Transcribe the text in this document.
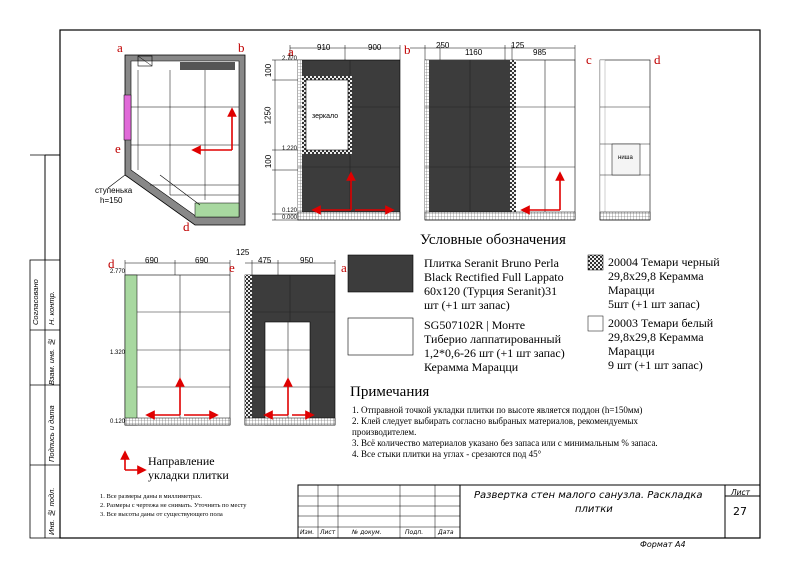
a	b
e
d
a	b
c	d
d	e	a
ступенька
h=150
910	900
100
1250
100
2.770
1.220
0.120
0.000
зеркало
250
1160
125
985
ниша
690	690
2.770
1.320
0.120
125
475	950
Условные обозначения
Плитка Seranit Bruno Perla
Black Rectified Full Lappato
60х120 (Турция Seranit)31
шт (+1 шт запас)
SG507102R | Монте
Тиберио лаппатированный
1,2*0,6-26 шт (+1 шт запас)
Керамма Марацци
20004 Темари черный
29,8х29,8 Керамма
Марацци
5шт (+1 шт запас)
20003 Темари белый
29,8х29,8 Керамма
Марацци
9 шт (+1 шт запас)
Направление
укладки плитки
Примечания
1. Отправной точкой укладки плитки по высоте является поддон (h=150мм)
2. Клей следует выбирать согласно выбраных материалов, рекомендуемых
производителем.
3. Всё количество материалов указано без запаса или с минимальным % запаса.
4. Все стыки плитки на углах - срезаются под 45°
1. Все размеры даны в миллиметрах.
2. Размеры с чертежа не снимать. Уточнить по месту
3. Все высоты даны от существующего пола
Развертка стен малого санузла. Раскладка
плитки
Лист
27
Изм. Лист	№ докум.	Подп. Дата
Формат А4
Согласовано Н. контр.
Взам. инв. №
Подпись и дата
Инв. № подл.
